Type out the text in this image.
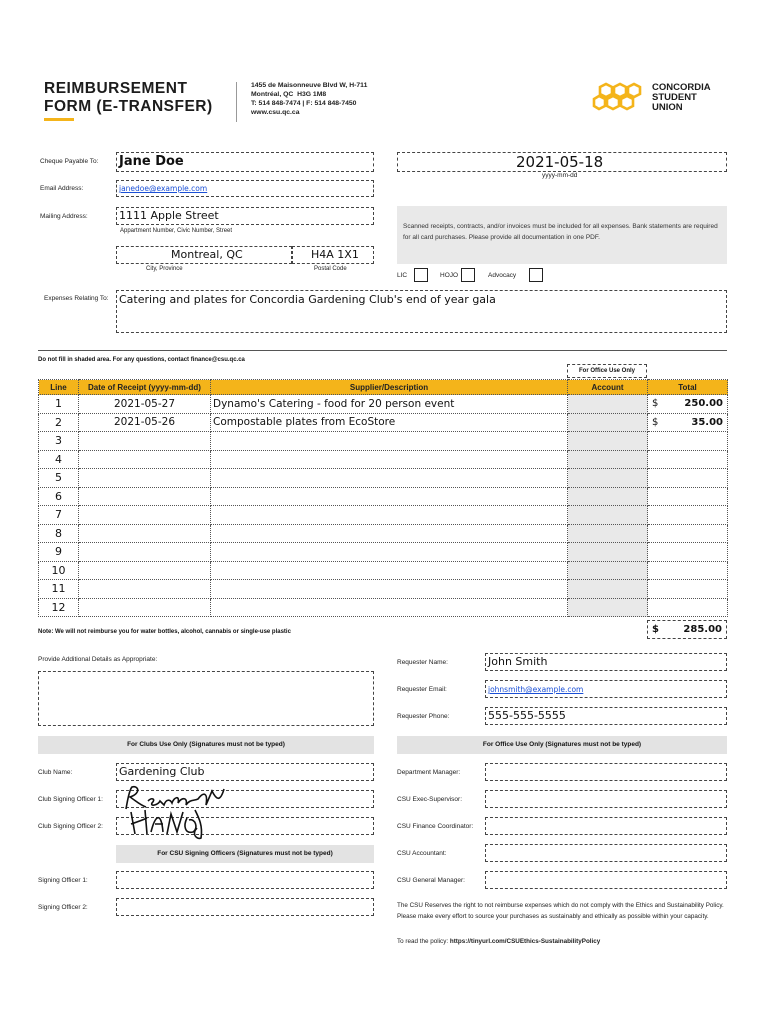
REIMBURSEMENT
FORM (E-TRANSFER)
1455 de Maisonneuve Blvd W, H-711
Montréal, QC  H3G 1M8
T: 514 848-7474 | F: 514 848-7450
www.csu.qc.ca
CONCORDIA
STUDENT
UNION
Cheque Payable To: Jane Doe	2021-05-18
yyyy-mm-dd
Email Address:	janedoe@example.com
Mailing Address:	1111 Apple Street
Appartment Number, Civic Number, Street
Montreal, QC	H4A 1X1
City, Province	Postal Code
Scanned receipts, contracts, and/or invoices must be included for all expenses. Bank statements are required for all card purchases. Please provide all documentation in one PDF.
LIC	HOJO	Advocacy
Expenses Relating To: Catering and plates for Concordia Gardening Club's end of year gala
Do not fill in shaded area. For any questions, contact finance@csu.qc.ca
For Office Use Only
Line	Date of Receipt (yyyy-mm-dd)	Supplier/Description	Account	Total
1	2021-05-27	Dynamo's Catering - food for 20 person event		$ 250.00

2	2021-05-26	Compostable plates from EcoStore		$ 35.00

3				

4				

5				

6				

7				

8				

9				

10				

11				

12				
Note: We will not reimburse you for water bottles, alcohol, cannabis or single-use plastic	$ 285.00
Provide Additional Details as Appropriate:	Requester Name:	John Smith
Requester Email:	johnsmith@example.com
Requester Phone:	555-555-5555
For Clubs Use Only (Signatures must not be typed)	For Office Use Only (Signatures must not be typed)
Club Name:	Gardening Club
Club Signing Officer 1:
Club Signing Officer 2:
For CSU Signing Officers (Signatures must not be typed)
Signing Officer 1:
Signing Officer 2:
Department Manager:
CSU Exec-Supervisor:
CSU Finance Coordinator:
CSU Accountant:
CSU General Manager:
The CSU Reserves the right to not reimburse expenses which do not comply with the Ethics and Sustainability Policy. Please make every effort to source your purchases as sustainably and ethically as possible within your capacity.
To read the policy: https://tinyurl.com/CSUEthics-SustainabilityPolicy
